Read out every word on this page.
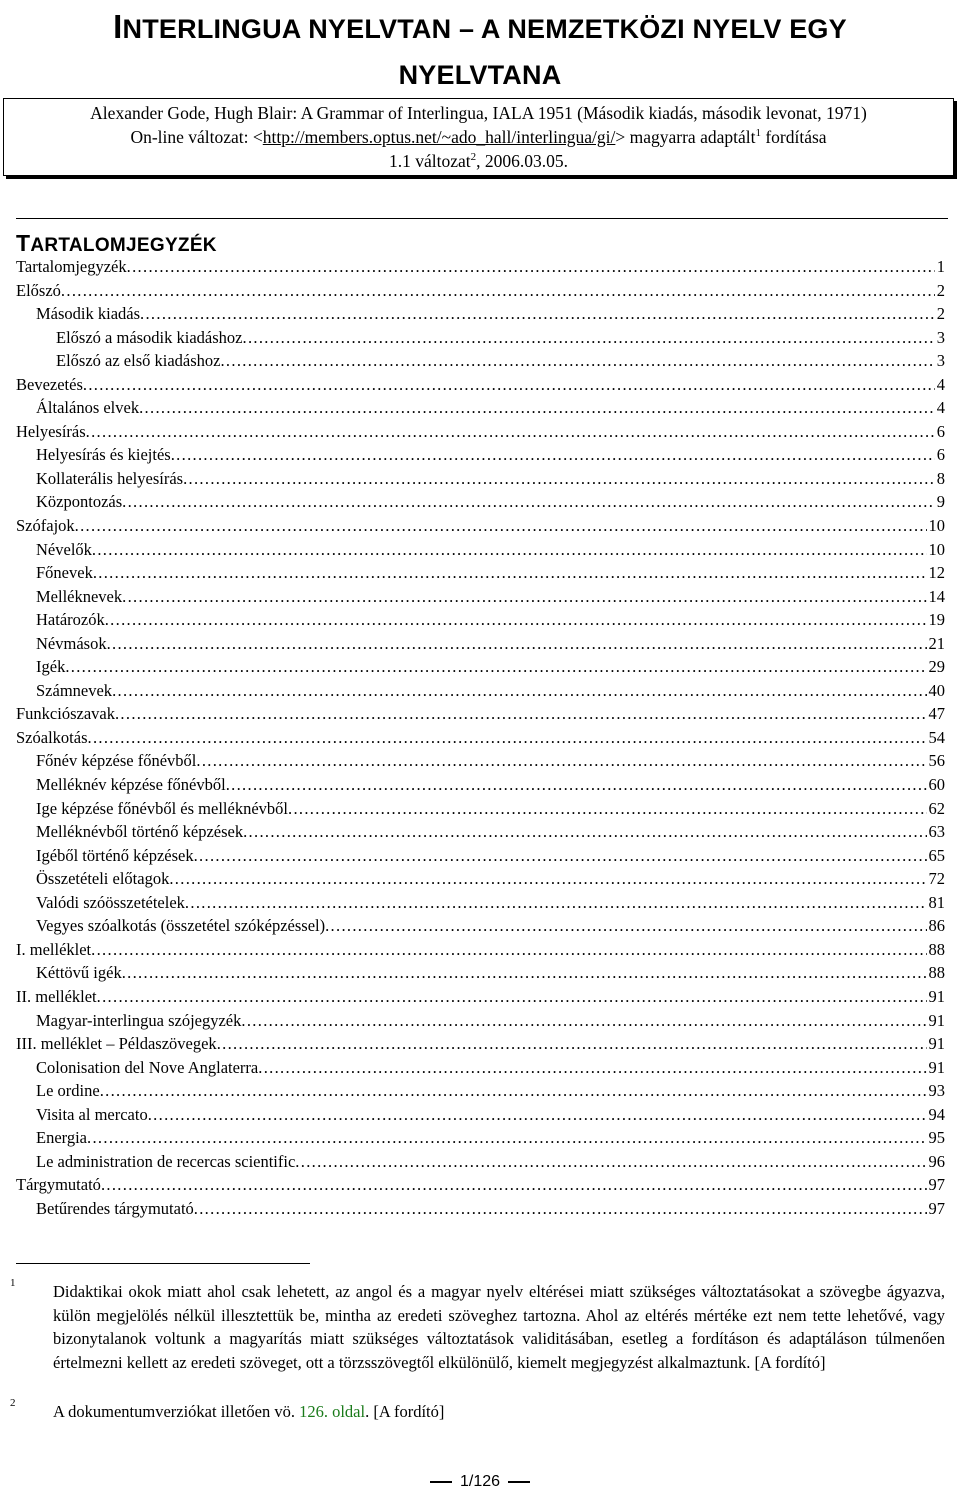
INTERLINGUA NYELVTAN – A NEMZETKÖZI NYELV EGY
NYELVTANA
Alexander Gode, Hugh Blair: A Grammar of Interlingua, IALA 1951 (Második kiadás, második levonat, 1971)
On-line változat: <http://members.optus.net/~ado_hall/interlingua/gi/> magyarra adaptált$^1$ fordítása
1.1 változat$^2$, 2006.03.05.
TARTALOMJEGYZÉK
Tartalomjegyzék . . .	1
Előszó . . .	2
Második kiadás . . .	2
Előszó a második kiadáshoz . . .	3
Előszó az első kiadáshoz . . .	3
Bevezetés . . .	4
Általános elvek . . .	4
Helyesírás . . .	6
Helyesírás és kiejtés . . .	6
Kollaterális helyesírás . . .	8
Központozás . . .	9
Szófajok . . .	10
Névelők . . .	10
Főnevek . . .	12
Melléknevek . . .	14
Határozók . . .	19
Névmások . . .	21
Igék . . .	29
Számnevek . . .	40
Funkciószavak . . .	47
Szóalkotás . . .	54
Főnév képzése főnévből . . .	56
Melléknév képzése főnévből . . .	60
Ige képzése főnévből és melléknévből . . .	62
Melléknévből történő képzések . . .	63
Igéből történő képzések . . .	65
Összetételi előtagok . . .	72
Valódi szóösszetételek . . .	81
Vegyes szóalkotás (összetétel szóképzéssel) . . .	86
I. melléklet . . .	88
Kéttövű igék . . .	88
II. melléklet . . .	91
Magyar-interlingua szójegyzék . . .	91
III. melléklet – Példaszövegek . . .	91
Colonisation del Nove Anglaterra . . .	91
Le ordine . . .	93
Visita al mercato . . .	94
Energia . . .	95
Le administration de recercas scientific . . .	96
Tárgymutató . . .	97
Betűrendes tárgymutató . . .	97
1 Didaktikai okok miatt ahol csak lehetett, az angol és a magyar nyelv eltérései miatt szükséges változtatásokat a szövegbe ágyazva, külön megjelölés nélkül illesztettük be, mintha az eredeti szöveghez tartozna. Ahol az eltérés mértéke ezt nem tette lehetővé, vagy bizonytalanok voltunk a magyarítás miatt szükséges változtatások validitásában, esetleg a fordításon és adaptáláson túlmenően értelmezni kellett az eredeti szöveget, ott a törzsszövegtől elkülönülő, kiemelt megjegyzést alkalmaztunk. [A fordító]
2 A dokumentumverziókat illetően vö. 126. oldal. [A fordító]
1/126
